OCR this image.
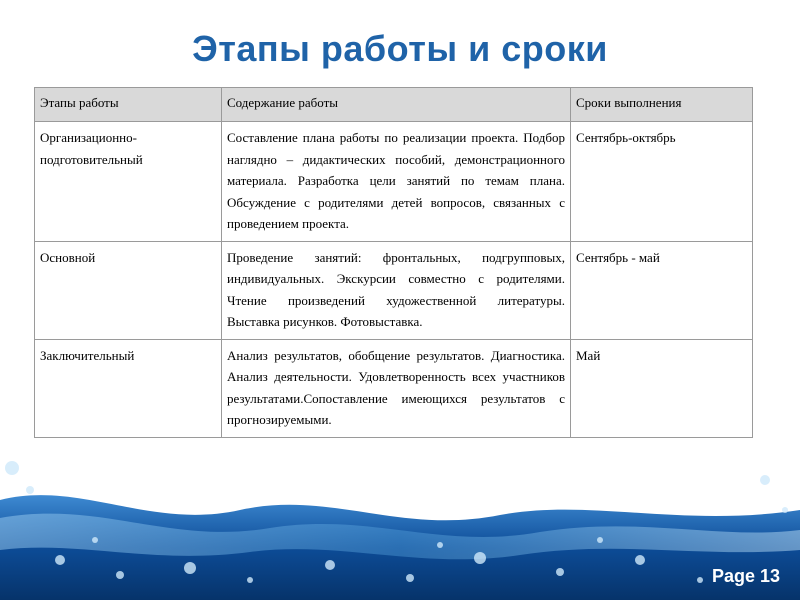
Этапы работы и сроки
Этапы работы	Содержание работы	Сроки выполнения
Организационно-подготовительный	Составление плана работы по реализации проекта. Подбор наглядно – дидактических пособий, демонстрационного материала. Разработка цели занятий по темам плана. Обсуждение с родителями детей вопросов, связанных с проведением проекта.	Сентябрь-октябрь
Основной	Проведение занятий: фронтальных, подгрупповых, индивидуальных. Экскурсии совместно с родителями. Чтение произведений художественной литературы. Выставка рисунков. Фотовыставка.	Сентябрь - май
Заключительный	Анализ результатов, обобщение результатов. Диагностика. Анализ деятельности. Удовлетворенность всех участников результатами.Сопоставление имеющихся результатов с прогнозируемыми.	Май
Page 13
